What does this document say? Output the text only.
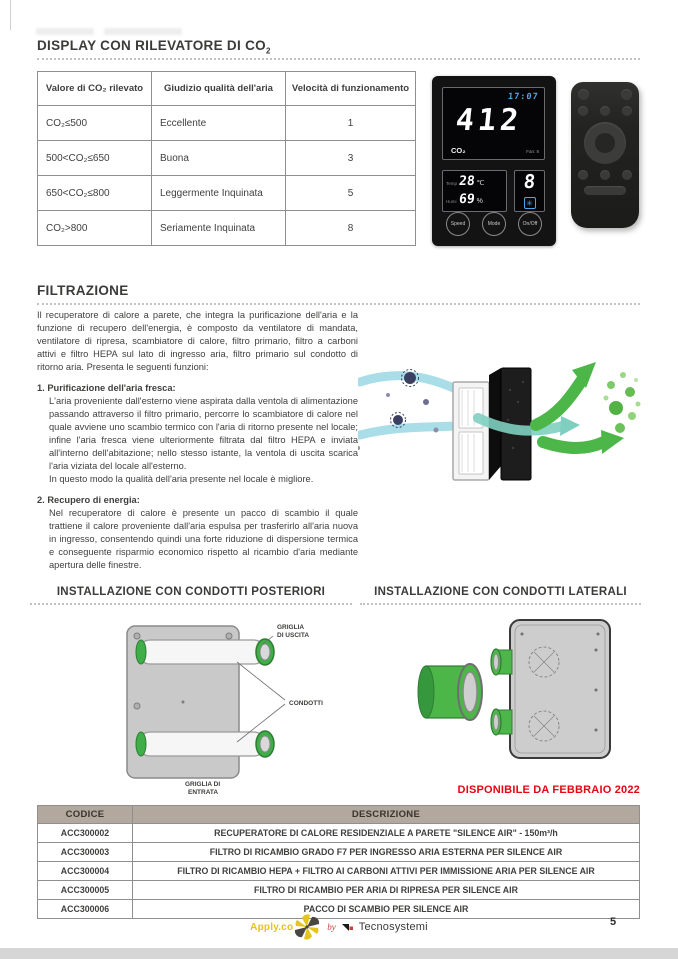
DISPLAY CON RILEVATORE DI $CO_2$
Valore di CO₂ rilevato	Giudizio qualità dell'aria	Velocità di funzionamento
CO₂≤500	Eccellente	1
500<CO₂≤650	Buona	3
650<CO₂≤800	Leggermente Inquinata	5
CO₂>800	Seriamente Inquinata	8
17:07
412
CO₂	Fan: 8
Temp 28 ℃
Humi 69 %
8
✳
Speed	Mode	On/Off
FILTRAZIONE

Il recuperatore di calore a parete, che integra la purificazione dell'aria e la funzione di recupero dell'energia, è composto da ventilatore di mandata, ventilatore di ripresa, scambiatore di calore, filtro primario, filtro a carboni attivi e filtro HEPA sul lato di ingresso aria, filtro primario sul condotto di ritorno aria. Presenta le seguenti funzioni:

1. Purificazione dell'aria fresca:
L'aria proveniente dall'esterno viene aspirata dalla ventola di alimentazione passando attraverso il filtro primario, percorre lo scambiatore di calore nel quale avviene uno scambio termico con l'aria di ritorno presente nel locale; infine l'aria fresca viene ulteriormente filtrata dal filtro HEPA e inviata all'interno dell'abitazione; nello stesso istante, la ventola di uscita scarica l'aria viziata del locale all'esterno.
In questo modo la qualità dell'aria presente nel locale è migliore.
2. Recupero di energia:
Nel recuperatore di calore è presente un pacco di scambio il quale trattiene il calore proveniente dall'aria espulsa per trasferirlo all'aria nuova in ingresso, consentendo quindi una forte riduzione di dispersione termica e conseguente risparmio economico rispetto al ricambio d'aria mediante apertura delle finestre.
INSTALLAZIONE CON CONDOTTI POSTERIORI	INSTALLAZIONE CON CONDOTTI LATERALI
GRIGLIA
DI USCITA
CONDOTTI
GRIGLIA DI
ENTRATA	DISPONIBILE DA FEBBRAIO 2022
CODICE	DESCRIZIONE
ACC300002	RECUPERATORE DI CALORE RESIDENZIALE A PARETE "SILENCE AIR" - 150m³/h
ACC300003	FILTRO DI RICAMBIO GRADO F7 PER INGRESSO ARIA ESTERNA PER SILENCE AIR
ACC300004	FILTRO DI RICAMBIO HEPA + FILTRO AI CARBONI ATTIVI PER IMMISSIONE ARIA PER SILENCE AIR
ACC300005	FILTRO DI RICAMBIO PER ARIA DI RIPRESA PER SILENCE AIR
ACC300006	PACCO DI SCAMBIO PER SILENCE AIR
Apply.co	by Tecnosystemi	5
